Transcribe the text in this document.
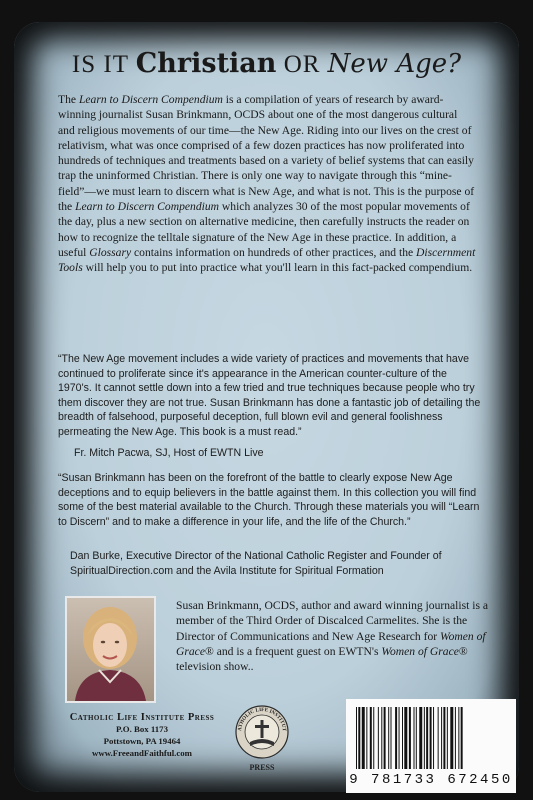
IS IT Christian OR New Age?
The Learn to Discern Compendium is a compilation of years of research by award-winning journalist Susan Brinkmann, OCDS about one of the most dangerous cultural and religious movements of our time—the New Age. Riding into our lives on the crest of relativism, what was once comprised of a few dozen practices has now proliferated into hundreds of techniques and treatments based on a variety of belief systems that can easily trap the uninformed Christian. There is only one way to navigate through this “mine-field”—we must learn to discern what is New Age, and what is not. This is the purpose of the Learn to Discern Compendium which analyzes 30 of the most popular movements of the day, plus a new section on alternative medicine, then carefully instructs the reader on how to recognize the telltale signature of the New Age in these practice. In addition, a useful Glossary contains information on hundreds of other practices, and the Discernment Tools will help you to put into practice what you'll learn in this fact-packed compendium.
“The New Age movement includes a wide variety of practices and movements that have continued to proliferate since it's appearance in the American counter-culture of the 1970's. It cannot settle down into a few tried and true techniques because people who try them discover they are not true. Susan Brinkmann has done a fantastic job of detailing the breadth of falsehood, purposeful deception, full blown evil and general foolishness permeating the New Age. This book is a must read.”
Fr. Mitch Pacwa, SJ, Host of EWTN Live
“Susan Brinkmann has been on the forefront of the battle to clearly expose New Age deceptions and to equip believers in the battle against them. In this collection you will find some of the best material available to the Church. Through these materials you will “Learn to Discern” and to make a difference in your life, and the life of the Church.”
Dan Burke, Executive Director of the National Catholic Register and Founder of SpiritualDirection.com and the Avila Institute for Spiritual Formation
Susan Brinkmann, OCDS, author and award winning journalist is a member of the Third Order of Discalced Carmelites. She is the Director of Communications and New Age Research for Women of Grace® and is a frequent guest on EWTN's Women of Grace® television show..
Catholic Life Institute Press
P.O. Box 1173
Pottstown, PA 19464
www.FreeandFaithful.com
ATHOLIC LIFE INSTITUT
PRESS
9 781733 672450
